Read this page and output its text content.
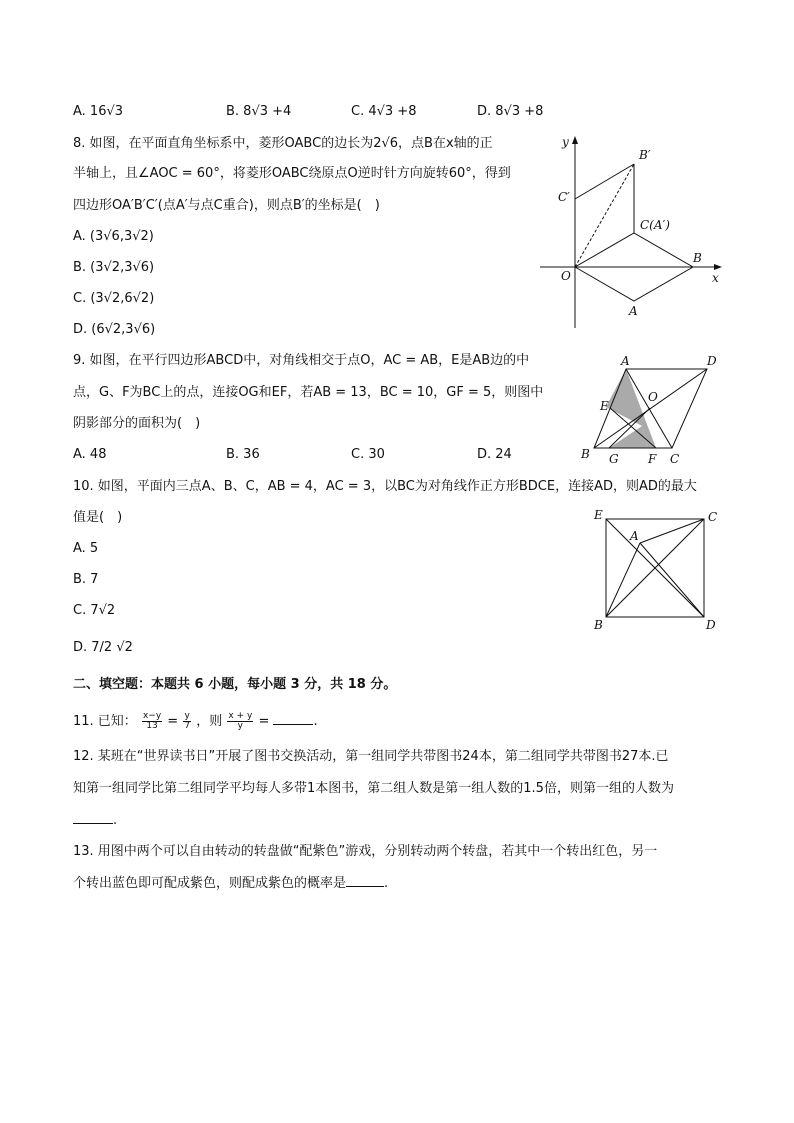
A. 16√3	B. 8√3 +4	C. 4√3 +8	D. 8√3 +8
8. 如图，在平面直角坐标系中，菱形OABC的边长为2√6，点B在x轴的正
半轴上，且∠AOC = 60°，将菱形OABC绕原点O逆时针方向旋转60°，得到
四边形OA′B′C′(点A′与点C重合)，则点B′的坐标是(　)
A. (3√6,3√2)
B. (3√2,3√6)
C. (3√2,6√2)
D. (6√2,3√6)
y
x
O
B
A
C(A′)
B′
C′
9. 如图，在平行四边形ABCD中，对角线相交于点O，AC = AB，E是AB边的中
点，G、F为BC上的点，连接OG和EF，若AB = 13，BC = 10，GF = 5，则图中
阴影部分的面积为(　)
A. 48	B. 36	C. 30	D. 24
A	D
E
O
B G F C
10. 如图，平面内三点A、B、C，AB = 4，AC = 3，以BC为对角线作正方形BDCE，连接AD，则AD的最大
值是(　)
A. 5
B. 7
C. 7√2
D. 7/2 √2
E	C
A
B	D
二、填空题：本题共 6 小题，每小题 3 分，共 18 分。
11. 已知： $\frac{x-y}{13} = \frac{y}{7}$ ，则 $\frac{x + y}{y}$ =	.
12. 某班在“世界读书日”开展了图书交换活动，第一组同学共带图书24本，第二组同学共带图书27本.已
知第一组同学比第二组同学平均每人多带1本图书，第二组人数是第一组人数的1.5倍，则第一组的人数为
.
13. 用图中两个可以自由转动的转盘做“配紫色”游戏，分别转动两个转盘，若其中一个转出红色，另一
个转出蓝色即可配成紫色，则配成紫色的概率是	.
